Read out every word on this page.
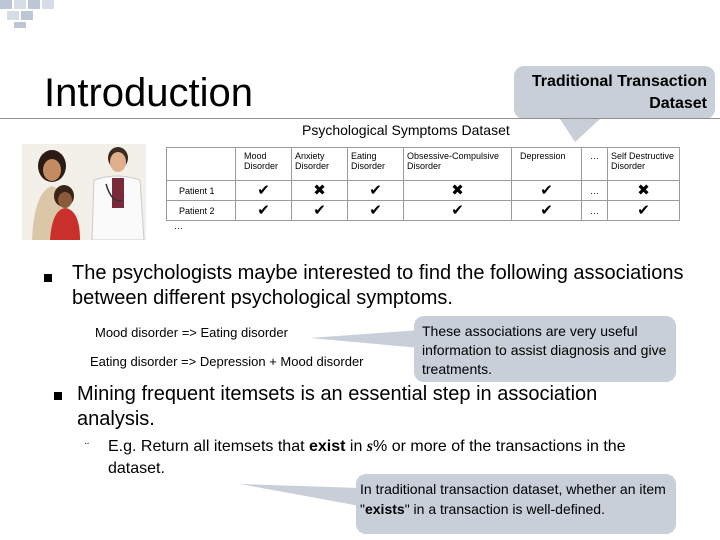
Introduction	Traditional Transaction Dataset
Psychological Symptoms Dataset
	Mood Disorder	Anxiety Disorder	Eating Disorder	Obsessive-Compulsive Disorder	Depression	…	Self Destructive Disorder
Patient 1	✔	✖	✔	✖	✔	…	✖
Patient 2	✔	✔	✔	✔	✔	…	✔
…
The psychologists maybe interested to find the following associations between different psychological symptoms.
Mood disorder => Eating disorder
Eating disorder => Depression + Mood disorder
These associations are very useful information to assist diagnosis and give treatments.
Mining frequent itemsets is an essential step in association analysis.
¨ E.g. Return all itemsets that exist in s% or more of the transactions in the dataset.
In traditional transaction dataset, whether an item "exists" in a transaction is well-defined.
